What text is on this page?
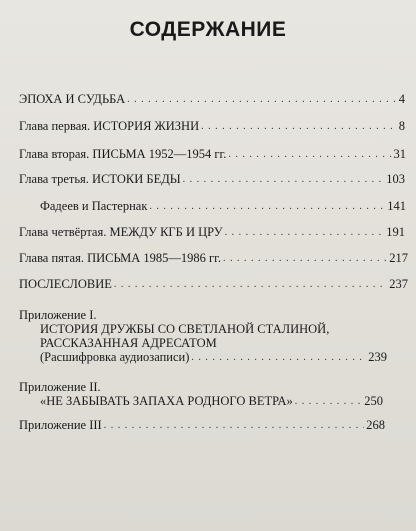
СОДЕРЖАНИЕ
ЭПОХА И СУДЬБА . . .	4
Глава первая. ИСТОРИЯ ЖИЗНИ . . .	8
Глава вторая. ПИСЬМА 1952—1954 гг. . . .	31
Глава третья. ИСТОКИ БЕДЫ . . .	103
Фадеев и Пастернак . . .	141
Глава четвёртая. МЕЖДУ КГБ И ЦРУ . . .	191
Глава пятая. ПИСЬМА 1985—1986 гг. . . .	217
ПОСЛЕСЛОВИЕ . . .	237
Приложение I.
ИСТОРИЯ ДРУЖБЫ СО СВЕТЛАНОЙ СТАЛИНОЙ,
РАССКАЗАННАЯ АДРЕСАТОМ
(Расшифровка аудиозаписи) . . .	239
Приложение II.
«НЕ ЗАБЫВАТЬ ЗАПАХА РОДНОГО ВЕТРА» . . .	250
Приложение III . . .	268
